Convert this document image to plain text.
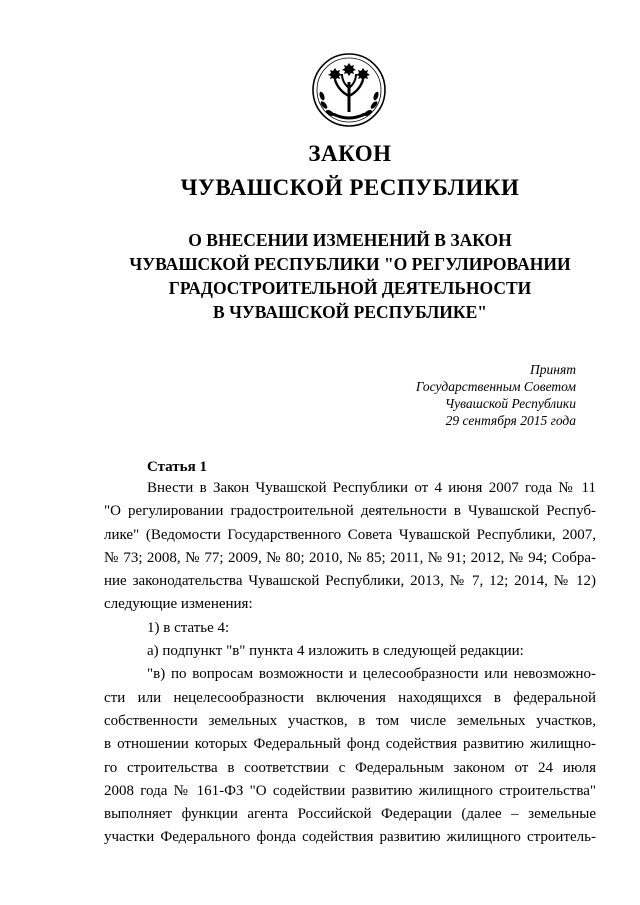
ЗАКОН
ЧУВАШСКОЙ РЕСПУБЛИКИ
О ВНЕСЕНИИ ИЗМЕНЕНИЙ В ЗАКОН
ЧУВАШСКОЙ РЕСПУБЛИКИ "О РЕГУЛИРОВАНИИ
ГРАДОСТРОИТЕЛЬНОЙ ДЕЯТЕЛЬНОСТИ
В ЧУВАШСКОЙ РЕСПУБЛИКЕ"
Принят
Государственным Советом
Чувашской Республики
29 сентября 2015 года
Статья 1
Внести в Закон Чувашской Республики от 4 июня 2007 года № 11
"О регулировании градостроительной деятельности в Чувашской Респуб-
лике" (Ведомости Государственного Совета Чувашской Республики, 2007,
№ 73; 2008, № 77; 2009, № 80; 2010, № 85; 2011, № 91; 2012, № 94; Собра-
ние законодательства Чувашской Республики, 2013, № 7, 12; 2014, № 12)
следующие изменения:
1) в статье 4:
а) подпункт "в" пункта 4 изложить в следующей редакции:
"в) по вопросам возможности и целесообразности или невозможно-
сти или нецелесообразности включения находящихся в федеральной
собственности земельных участков, в том числе земельных участков,
в отношении которых Федеральный фонд содействия развитию жилищно-
го строительства в соответствии с Федеральным законом от 24 июля
2008 года № 161-ФЗ "О содействии развитию жилищного строительства"
выполняет функции агента Российской Федерации (далее – земельные
участки Федерального фонда содействия развитию жилищного строитель-
